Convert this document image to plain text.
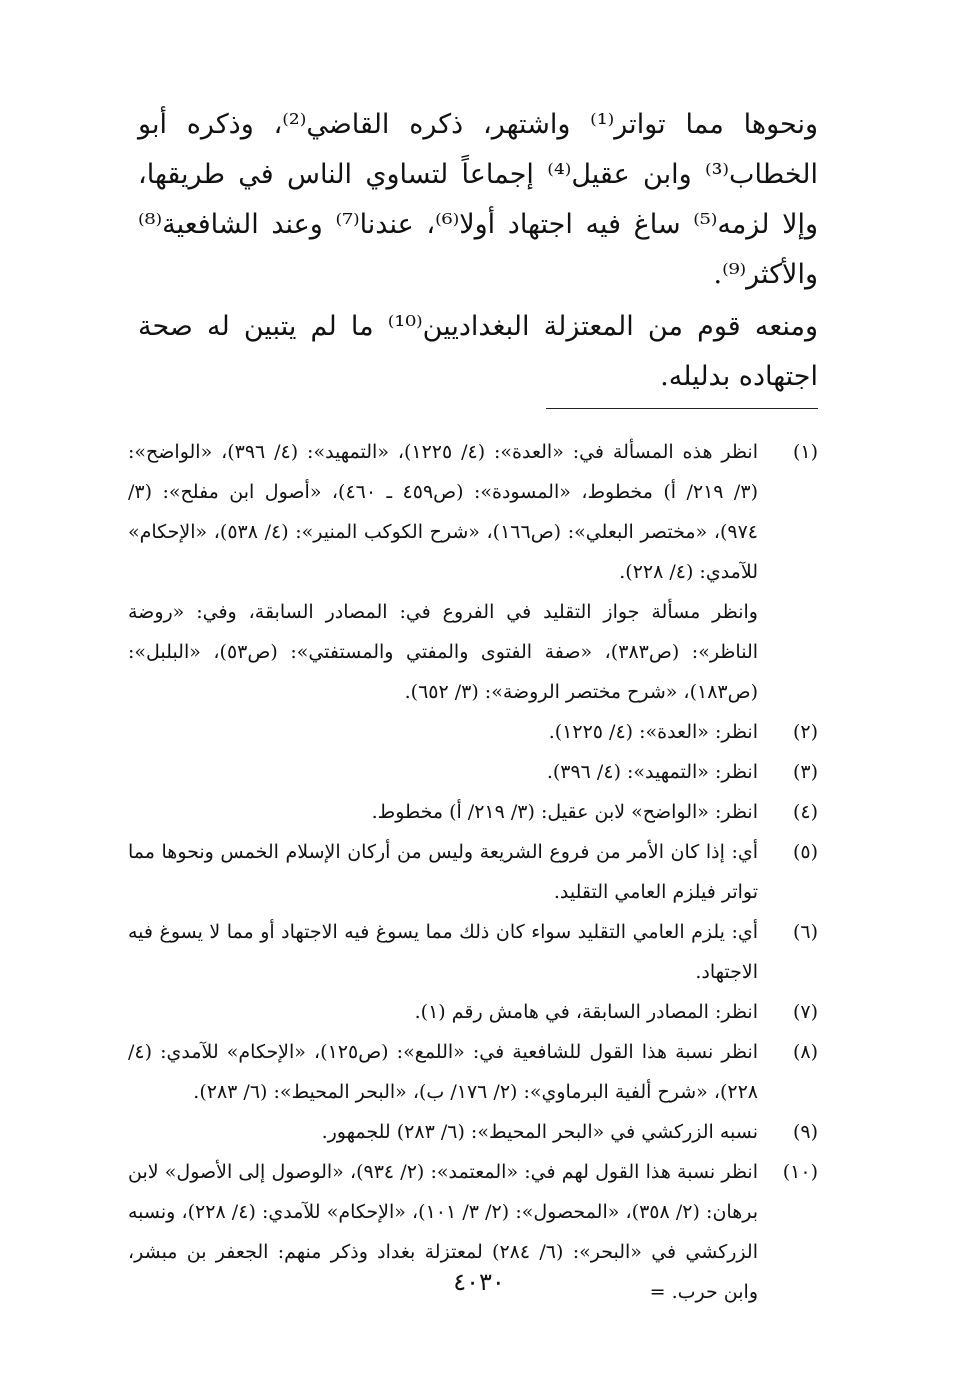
ونحوها مما تواتر⁽¹⁾ واشتهر، ذكره القاضي⁽²⁾، وذكره أبو الخطاب⁽³⁾ وابن عقيل⁽⁴⁾ إجماعاً لتساوي الناس في طريقها، وإلا لزمه⁽⁵⁾ ساغ فيه اجتهاد أولا⁽⁶⁾، عندنا⁽⁷⁾ وعند الشافعية⁽⁸⁾ والأكثر⁽⁹⁾.

ومنعه قوم من المعتزلة البغداديين⁽¹⁰⁾ ما لم يتبين له صحة اجتهاده بدليله.

(١)
انظر هذه المسألة في: «العدة»: (٤/ ١٢٢٥)، «التمهيد»: (٤/ ٣٩٦)، «الواضح»: (٣/ ٢١٩/ أ) مخطوط، «المسودة»: (ص٤٥٩ ـ ٤٦٠)، «أصول ابن مفلح»: (٣/ ٩٧٤)، «مختصر البعلي»: (ص١٦٦)، «شرح الكوكب المنير»: (٤/ ٥٣٨)، «الإحكام» للآمدي: (٤/ ٢٢٨).
وانظر مسألة جواز التقليد في الفروع في: المصادر السابقة، وفي: «روضة الناظر»: (ص٣٨٣)، «صفة الفتوى والمفتي والمستفتي»: (ص٥٣)، «البلبل»: (ص١٨٣)، «شرح مختصر الروضة»: (٣/ ٦٥٢).
(٢)
انظر: «العدة»: (٤/ ١٢٢٥).
(٣)
انظر: «التمهيد»: (٤/ ٣٩٦).
(٤)
انظر: «الواضح» لابن عقيل: (٣/ ٢١٩/ أ) مخطوط.
(٥)
أي: إذا كان الأمر من فروع الشريعة وليس من أركان الإسلام الخمس ونحوها مما تواتر فيلزم العامي التقليد.
(٦)
أي: يلزم العامي التقليد سواء كان ذلك مما يسوغ فيه الاجتهاد أو مما لا يسوغ فيه الاجتهاد.
(٧)
انظر: المصادر السابقة، في هامش رقم (١).
(٨)
انظر نسبة هذا القول للشافعية في: «اللمع»: (ص١٢٥)، «الإحكام» للآمدي: (٤/ ٢٢٨)، «شرح ألفية البرماوي»: (٢/ ١٧٦/ ب)، «البحر المحيط»: (٦/ ٢٨٣).
(٩)
نسبه الزركشي في «البحر المحيط»: (٦/ ٢٨٣) للجمهور.
(١٠)
انظر نسبة هذا القول لهم في: «المعتمد»: (٢/ ٩٣٤)، «الوصول إلى الأصول» لابن برهان: (٢/ ٣٥٨)، «المحصول»: (٢/ ٣/ ١٠١)، «الإحكام» للآمدي: (٤/ ٢٢٨)، ونسبه الزركشي في «البحر»: (٦/ ٢٨٤) لمعتزلة بغداد وذكر منهم: الجعفر بن مبشر، وابن حرب. =
٤٠٣٠
